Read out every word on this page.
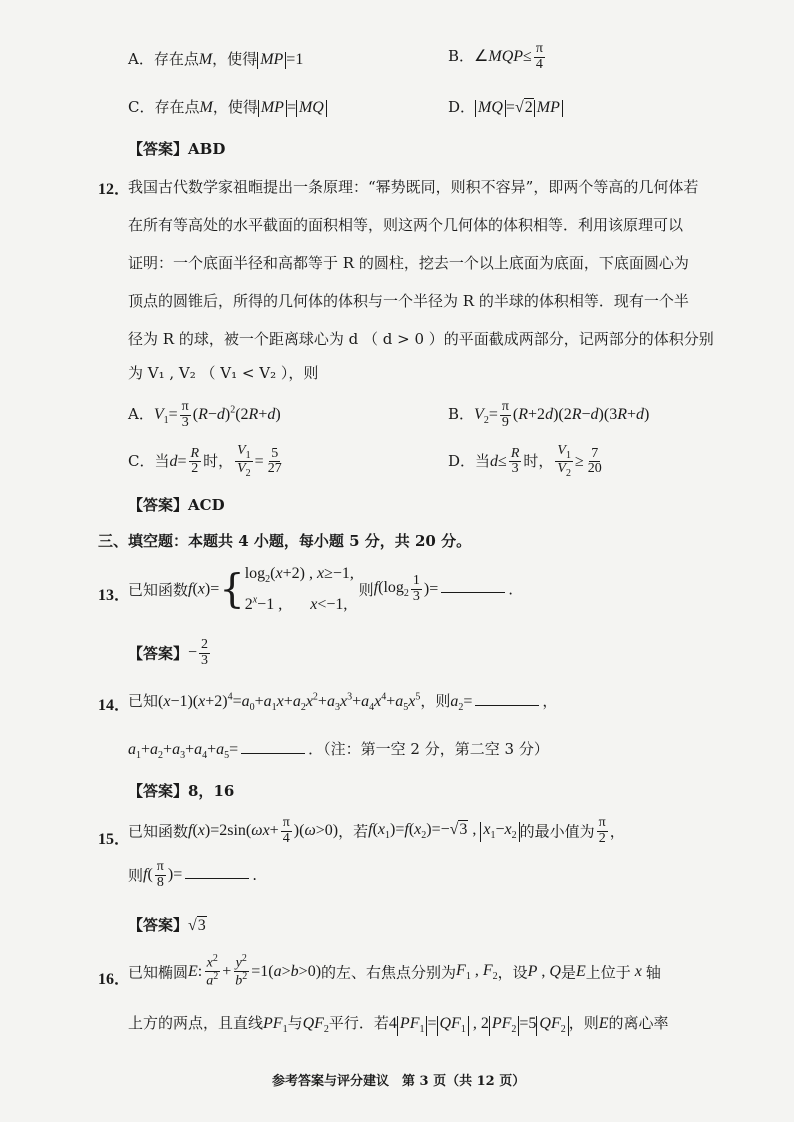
A．存在点M，使得 MP =1	B．∠MQP≤ $\frac{\pi}{4}$
C．存在点M，使得 MP = MQ	D． MQ =√2 MP
【答案】ABD
12．
我国古代数学家祖暅提出一条原理：“幂势既同，则积不容异”，即两个等高的几何体若
在所有等高处的水平截面的面积相等，则这两个几何体的体积相等．利用该原理可以
证明：一个底面半径和高都等于 R 的圆柱，挖去一个以上底面为底面，下底面圆心为
顶点的圆锥后，所得的几何体的体积与一个半径为 R 的半球的体积相等．现有一个半
径为 R 的球，被一个距离球心为 d （ d > 0 ）的平面截成两部分，记两部分的体积分别
为 V₁ , V₂ （ V₁ < V₂ ），则
A．$V_1= \frac{\pi}{3} (R-d)^2(2R+d)$	B．$V_2= \frac{\pi}{9} (R+2d)(2R-d)(3R+d)$
C．当$d= \frac{R}{2}$ 时， $\frac{V_1}{V_2} = \frac{5}{27}$	D．当$d\le \frac{R}{3}$ 时， $\frac{V_1}{V_2} \ge \frac{7}{20}$
【答案】ACD
三、填空题：本题共 4 小题，每小题 5 分，共 20 分。
13．
已知函数$f(x)=\{\log_2(x+2)$ , x≥−1,
$2^x-1$ ,       x<−1, 则$f(\log_2 \frac{1}{3}$ )=	.
【答案】− $\frac{2}{3}$
14．
已知$(x-1)(x+2)^4=a_0+a_1x+a_2x^2+a_3x^3+a_4x^4+a_5x^5$，则$a_2=$	，
$a_1+a_2+a_3+a_4+a_5=$	．（注：第一空 2 分，第二空 3 分）
【答案】8，16
15．
已知函数$f(x)=2\sin(\omega x+ \frac{\pi}{4} )(\omega>0)$，若$f(x_1)=f(x_2)=-√3$ , $x_1-x_2$ 的最小值为 $\frac{\pi}{2}$ ，
则$f( \frac{\pi}{8}$ )=	.
【答案】√3
16．
已知椭圆E: $\frac{x^2}{a^2} + \frac{y^2}{b^2} =1(a>b>0)$的左、右焦点分别为$F_1$ , $F_2$，设P , Q是E上位于 x 轴
上方的两点，且直线$PF_1$与$QF_2$平行．若4 $PF_1 = QF_1$ , 2 $PF_2 =5$ $QF_2$ ，则E的离心率
参考答案与评分建议　第 3 页（共 12 页）
